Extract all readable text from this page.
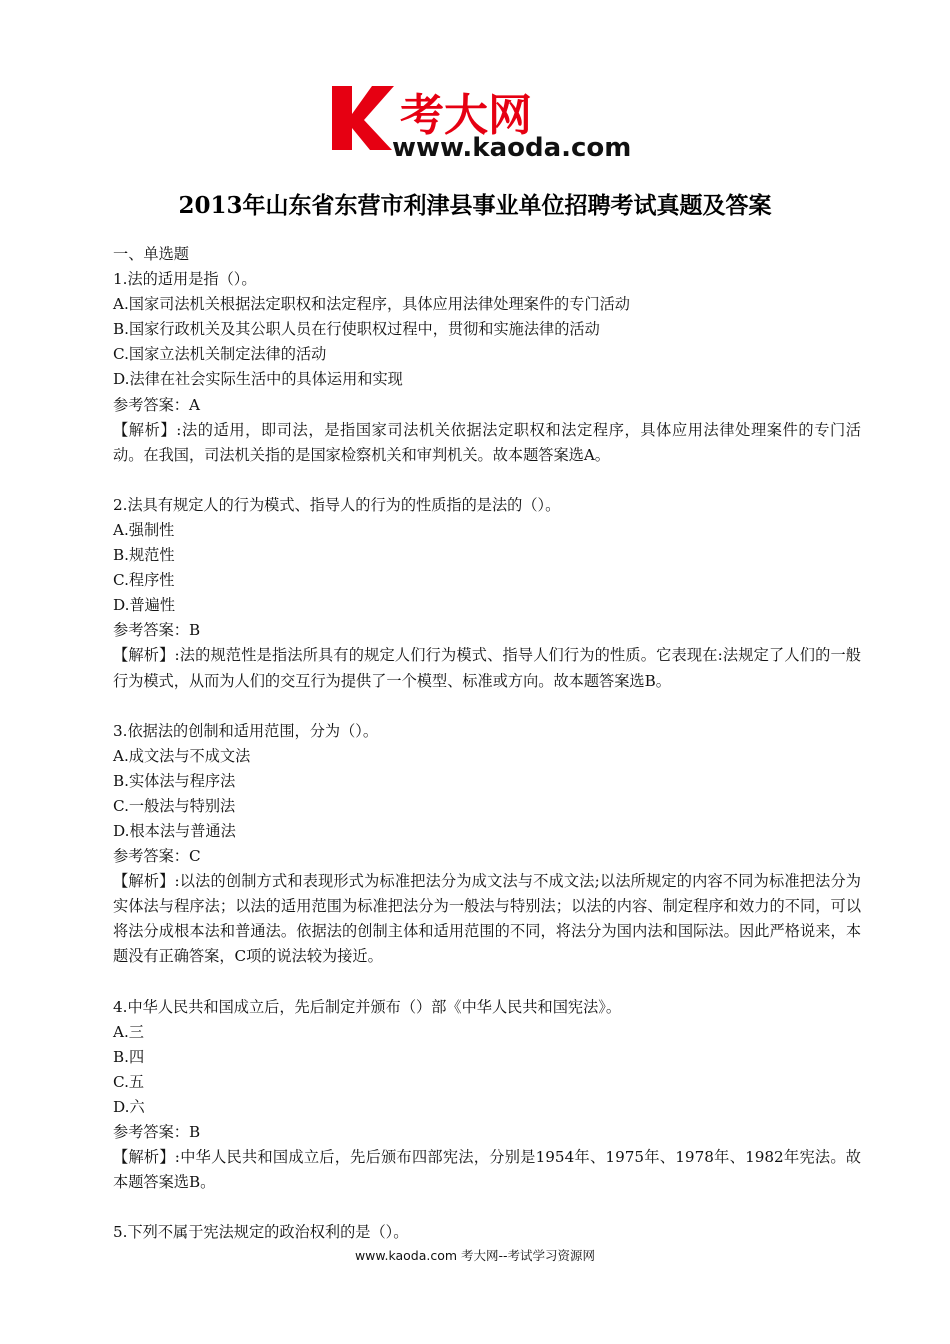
考大网
www.kaoda.com
2013年山东省东营市利津县事业单位招聘考试真题及答案
一、单选题
1.法的适用是指（）。
A.国家司法机关根据法定职权和法定程序，具体应用法律处理案件的专门活动
B.国家行政机关及其公职人员在行使职权过程中，贯彻和实施法律的活动
C.国家立法机关制定法律的活动
D.法律在社会实际生活中的具体运用和实现
参考答案：A
【解析】:法的适用，即司法，是指国家司法机关依据法定职权和法定程序，具体应用法律处理案件的专门活动。在我国，司法机关指的是国家检察机关和审判机关。故本题答案选A。
2.法具有规定人的行为模式、指导人的行为的性质指的是法的（）。
A.强制性
B.规范性
C.程序性
D.普遍性
参考答案：B
【解析】:法的规范性是指法所具有的规定人们行为模式、指导人们行为的性质。它表现在:法规定了人们的一般行为模式，从而为人们的交互行为提供了一个模型、标准或方向。故本题答案选B。
3.依据法的创制和适用范围，分为（）。
A.成文法与不成文法
B.实体法与程序法
C.一般法与特别法
D.根本法与普通法
参考答案：C
【解析】:以法的创制方式和表现形式为标准把法分为成文法与不成文法;以法所规定的内容不同为标准把法分为实体法与程序法；以法的适用范围为标准把法分为一般法与特别法；以法的内容、制定程序和效力的不同，可以将法分成根本法和普通法。依据法的创制主体和适用范围的不同，将法分为国内法和国际法。因此严格说来，本题没有正确答案，C项的说法较为接近。
4.中华人民共和国成立后，先后制定并颁布（）部《中华人民共和国宪法》。
A.三
B.四
C.五
D.六
参考答案：B
【解析】:中华人民共和国成立后，先后颁布四部宪法，分别是1954年、1975年、1978年、1982年宪法。故本题答案选B。
5.下列不属于宪法规定的政治权利的是（）。
www.kaoda.com 考大网--考试学习资源网
